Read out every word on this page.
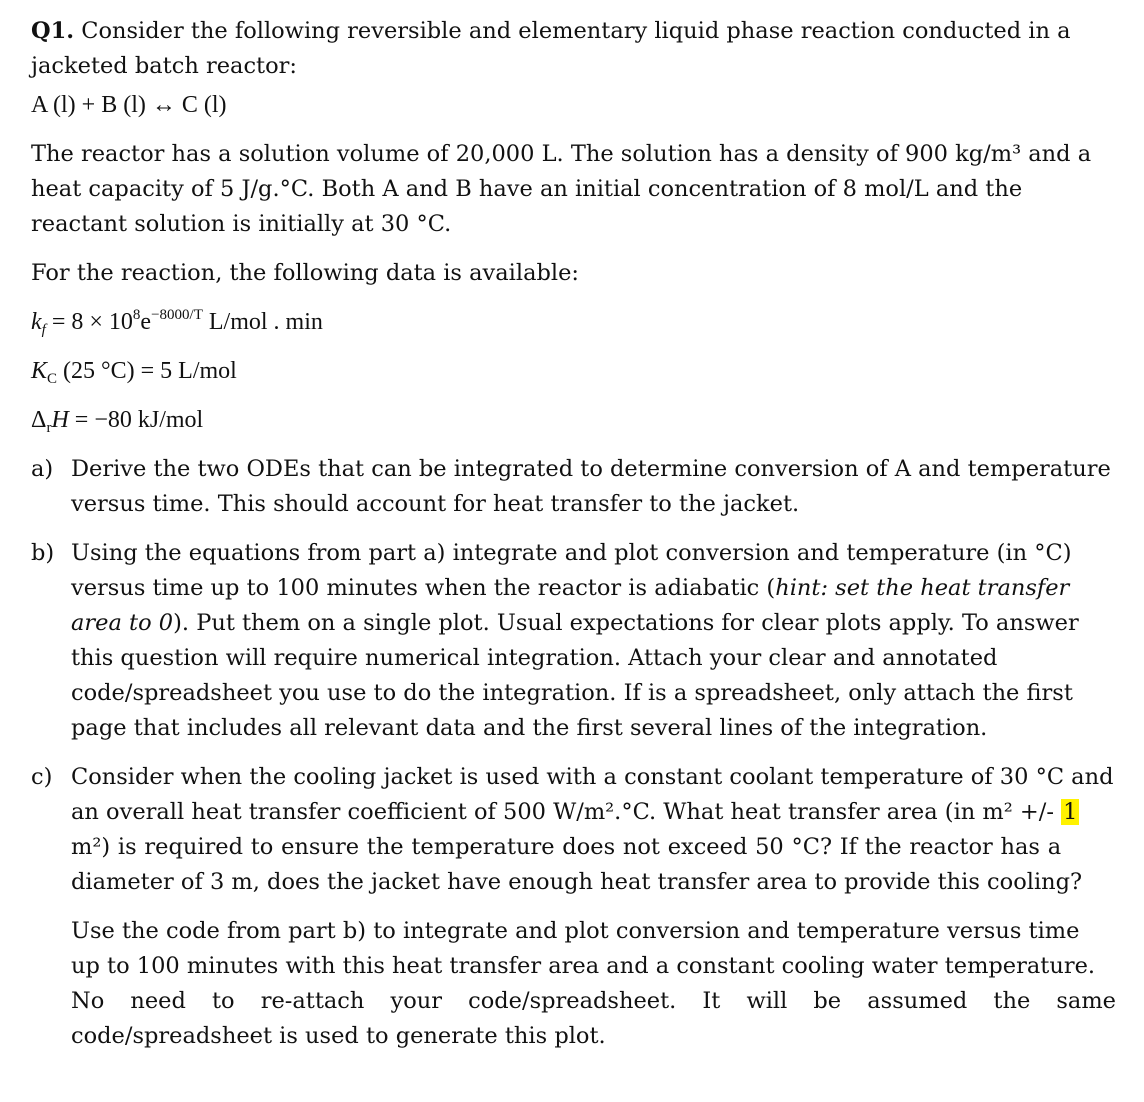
Q1. Consider the following reversible and elementary liquid phase reaction conducted in a
jacketed batch reactor:

A (l) + B (l) ↔ C (l)

The reactor has a solution volume of 20,000 L. The solution has a density of 900 kg/m³ and a
heat capacity of 5 J/g.°C. Both A and B have an initial concentration of 8 mol/L and the
reactant solution is initially at 30 °C.

For the reaction, the following data is available:

$k_f = 8 \times 10^8e^{-8000/T}$ L/mol . min

$K_C$ (25 °C) = 5 L/mol

$\Delta_rH = -80$ kJ/mol

a) Derive the two ODEs that can be integrated to determine conversion of A and temperature
versus time. This should account for heat transfer to the jacket.
b) Using the equations from part a) integrate and plot conversion and temperature (in °C)
versus time up to 100 minutes when the reactor is adiabatic (hint: set the heat transfer
area to 0). Put them on a single plot. Usual expectations for clear plots apply. To answer
this question will require numerical integration. Attach your clear and annotated
code/spreadsheet you use to do the integration. If is a spreadsheet, only attach the first
page that includes all relevant data and the first several lines of the integration.
c) Consider when the cooling jacket is used with a constant coolant temperature of 30 °C and
an overall heat transfer coefficient of 500 W/m².°C. What heat transfer area (in m² +/- 1
m²) is required to ensure the temperature does not exceed 50 °C? If the reactor has a
diameter of 3 m, does the jacket have enough heat transfer area to provide this cooling?
Use the code from part b) to integrate and plot conversion and temperature versus time
up to 100 minutes with this heat transfer area and a constant cooling water temperature.
No need to re-attach your code/spreadsheet. It will be assumed the same
code/spreadsheet is used to generate this plot.
